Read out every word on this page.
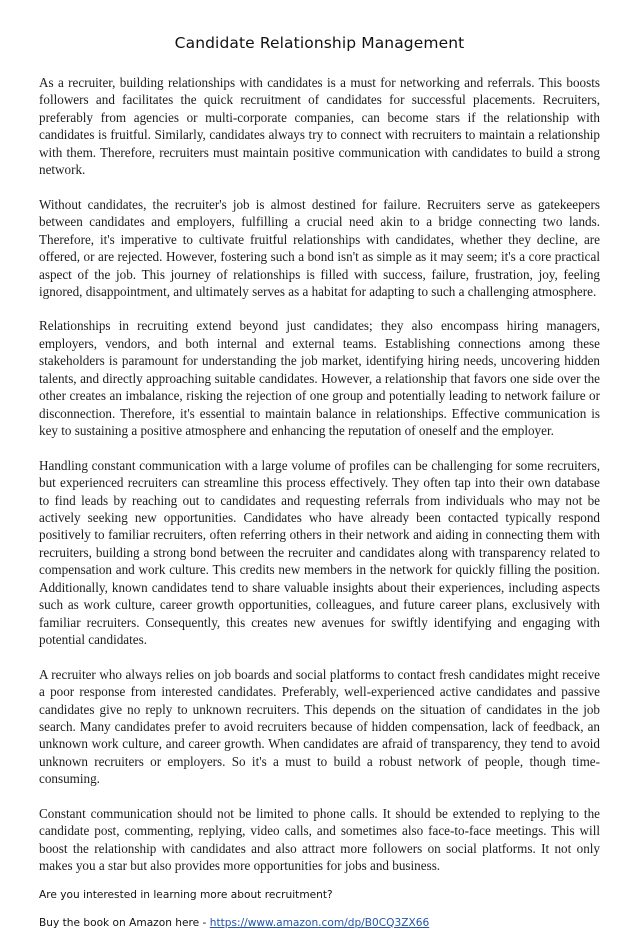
Candidate Relationship Management

As a recruiter, building relationships with candidates is a must for networking and referrals. This boosts followers and facilitates the quick recruitment of candidates for successful placements. Recruiters, preferably from agencies or multi-corporate companies, can become stars if the relationship with candidates is fruitful. Similarly, candidates always try to connect with recruiters to maintain a relationship with them. Therefore, recruiters must maintain positive communication with candidates to build a strong network.

Without candidates, the recruiter's job is almost destined for failure. Recruiters serve as gatekeepers between candidates and employers, fulfilling a crucial need akin to a bridge connecting two lands. Therefore, it's imperative to cultivate fruitful relationships with candidates, whether they decline, are offered, or are rejected. However, fostering such a bond isn't as simple as it may seem; it's a core practical aspect of the job. This journey of relationships is filled with success, failure, frustration, joy, feeling ignored, disappointment, and ultimately serves as a habitat for adapting to such a challenging atmosphere.

Relationships in recruiting extend beyond just candidates; they also encompass hiring managers, employers, vendors, and both internal and external teams. Establishing connections among these stakeholders is paramount for understanding the job market, identifying hiring needs, uncovering hidden talents, and directly approaching suitable candidates. However, a relationship that favors one side over the other creates an imbalance, risking the rejection of one group and potentially leading to network failure or disconnection. Therefore, it's essential to maintain balance in relationships. Effective communication is key to sustaining a positive atmosphere and enhancing the reputation of oneself and the employer.

Handling constant communication with a large volume of profiles can be challenging for some recruiters, but experienced recruiters can streamline this process effectively. They often tap into their own database to find leads by reaching out to candidates and requesting referrals from individuals who may not be actively seeking new opportunities. Candidates who have already been contacted typically respond positively to familiar recruiters, often referring others in their network and aiding in connecting them with recruiters, building a strong bond between the recruiter and candidates along with transparency related to compensation and work culture. This credits new members in the network for quickly filling the position. Additionally, known candidates tend to share valuable insights about their experiences, including aspects such as work culture, career growth opportunities, colleagues, and future career plans, exclusively with familiar recruiters. Consequently, this creates new avenues for swiftly identifying and engaging with potential candidates.

A recruiter who always relies on job boards and social platforms to contact fresh candidates might receive a poor response from interested candidates. Preferably, well-experienced active candidates and passive candidates give no reply to unknown recruiters. This depends on the situation of candidates in the job search. Many candidates prefer to avoid recruiters because of hidden compensation, lack of feedback, an unknown work culture, and career growth. When candidates are afraid of transparency, they tend to avoid unknown recruiters or employers. So it's a must to build a robust network of people, though time-consuming.

Constant communication should not be limited to phone calls. It should be extended to replying to the candidate post, commenting, replying, video calls, and sometimes also face-to-face meetings. This will boost the relationship with candidates and also attract more followers on social platforms. It not only makes you a star but also provides more opportunities for jobs and business.

Are you interested in learning more about recruitment?

Buy the book on Amazon here - https://www.amazon.com/dp/B0CQ3ZX66
